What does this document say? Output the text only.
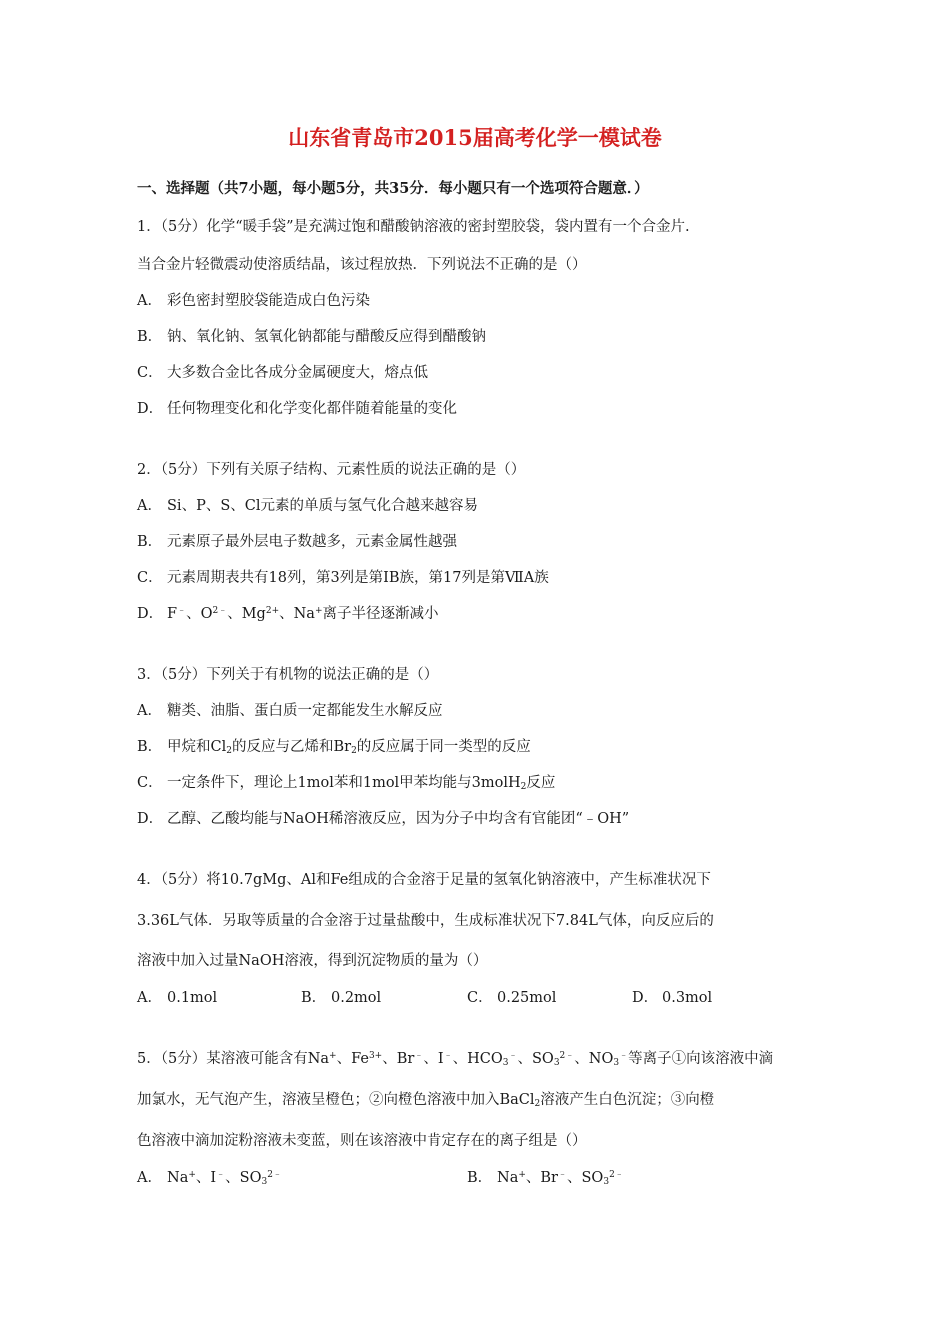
山东省青岛市2015届高考化学一模试卷
一、选择题（共7小题，每小题5分，共35分．每小题只有一个选项符合题意．）
1．（5分）化学“暖手袋”是充满过饱和醋酸钠溶液的密封塑胶袋，袋内置有一个合金片.
当合金片轻微震动使溶质结晶，该过程放热．下列说法不正确的是（）
A． 彩色密封塑胶袋能造成白色污染
B． 钠、氧化钠、氢氧化钠都能与醋酸反应得到醋酸钠
C． 大多数合金比各成分金属硬度大，熔点低
D． 任何物理变化和化学变化都伴随着能量的变化
2．（5分）下列有关原子结构、元素性质的说法正确的是（）
A． Si、P、S、Cl元素的单质与氢气化合越来越容易
B． 元素原子最外层电子数越多，元素金属性越强
C． 元素周期表共有18列，第3列是第ⅠB族，第17列是第ⅦA族
D． F﹣、$O^{2﹣}$、$Mg^{2+}$、Na+离子半径逐渐减小
3．（5分）下列关于有机物的说法正确的是（）
A． 糖类、油脂、蛋白质一定都能发生水解反应
B． 甲烷和$Cl_2$的反应与乙烯和$Br_2$的反应属于同一类型的反应
C． 一定条件下，理论上1mol苯和1mol甲苯均能与3molH$_2$反应
D． 乙醇、乙酸均能与NaOH稀溶液反应，因为分子中均含有官能团“﹣OH”
4．（5分）将10.7gMg、Al和Fe组成的合金溶于足量的氢氧化钠溶液中，产生标准状况下
3.36L气体．另取等质量的合金溶于过量盐酸中，生成标准状况下7.84L气体，向反应后的
溶液中加入过量NaOH溶液，得到沉淀物质的量为（）
A． 0.1mol	B． 0.2mol	C． 0.25mol	D． 0.3mol
5．（5分）某溶液可能含有Na+、$Fe^{3+}$、Br﹣、I﹣、$HCO_3^﹣$、$SO_3^{2﹣}$、$NO_3^﹣$等离子①向该溶液中滴
加氯水，无气泡产生，溶液呈橙色；②向橙色溶液中加入BaCl$_2$溶液产生白色沉淀；③向橙
色溶液中滴加淀粉溶液未变蓝，则在该溶液中肯定存在的离子组是（）
A． Na+、I﹣、$SO_3^{2﹣}$	B． Na+、Br﹣、$SO_3^{2﹣}$
